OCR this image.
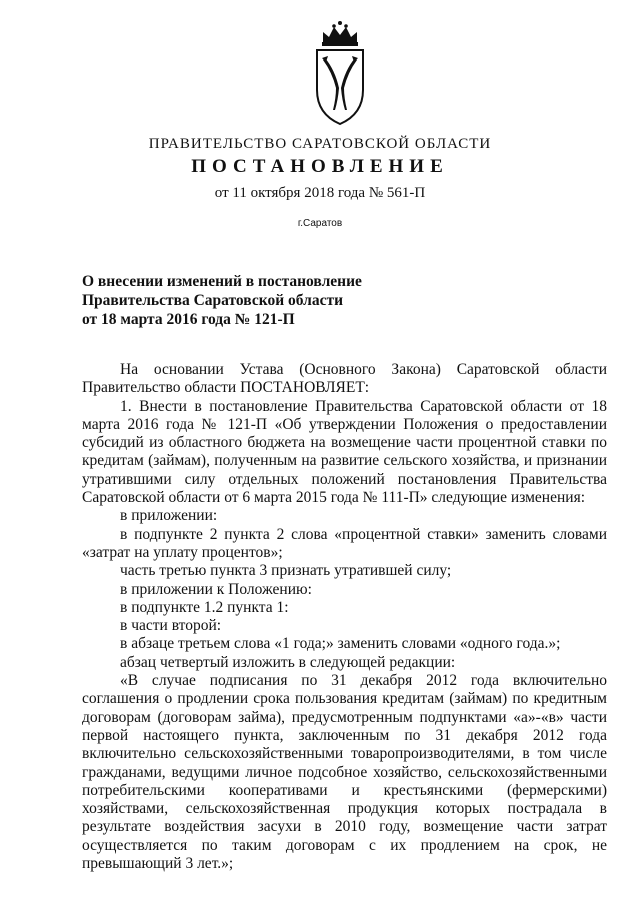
ПРАВИТЕЛЬСТВО САРАТОВСКОЙ ОБЛАСТИ
ПОСТАНОВЛЕНИЕ
от 11 октября 2018 года № 561-П
г.Саратов
О внесении изменений в постановление
Правительства Саратовской области
от 18 марта 2016 года № 121-П

На основании Устава (Основного Закона) Саратовской области Правительство области ПОСТАНОВЛЯЕТ:

1. Внести в постановление Правительства Саратовской области от 18 марта 2016 года № 121-П «Об утверждении Положения о предоставлении субсидий из областного бюджета на возмещение части процентной ставки по кредитам (займам), полученным на развитие сельского хозяйства, и признании утратившими силу отдельных положений постановления Правительства Саратовской области от 6 марта 2015 года № 111-П» следующие изменения:

в приложении:

в подпункте 2 пункта 2 слова «процентной ставки» заменить словами «затрат на уплату процентов»;

часть третью пункта 3 признать утратившей силу;

в приложении к Положению:

в подпункте 1.2 пункта 1:

в части второй:

в абзаце третьем слова «1 года;» заменить словами «одного года.»;

абзац четвертый изложить в следующей редакции:

«В случае подписания по 31 декабря 2012 года включительно соглашения о продлении срока пользования кредитам (займам) по кредитным договорам (договорам займа), предусмотренным подпунктами «а»-«в» части первой настоящего пункта, заключенным по 31 декабря 2012 года включительно сельскохозяйственными товаропроизводителями, в том числе гражданами, ведущими личное подсобное хозяйство, сельскохозяйственными потребительскими кооперативами и крестьянскими (фермерскими) хозяйствами, сельскохозяйственная продукция которых пострадала в результате воздействия засухи в 2010 году, возмещение части затрат осуществляется по таким договорам с их продлением на срок, не превышающий 3 лет.»;
